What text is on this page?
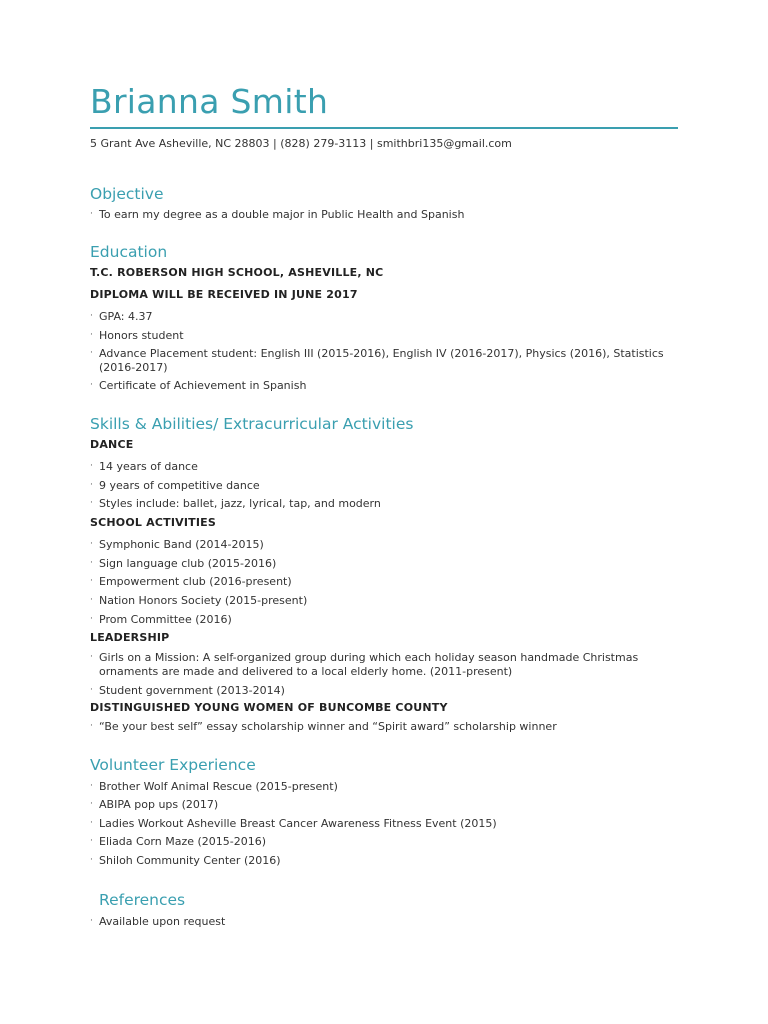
Brianna Smith
5 Grant Ave Asheville, NC 28803 | (828) 279-3113 | smithbri135@gmail.com
Objective
· To earn my degree as a double major in Public Health and Spanish
Education
T.C. ROBERSON HIGH SCHOOL, ASHEVILLE, NC
DIPLOMA WILL BE RECEIVED IN JUNE 2017
· GPA: 4.37
· Honors student
· Advance Placement student: English III (2015-2016), English IV (2016-2017), Physics (2016), Statistics (2016-2017)
· Certificate of Achievement in Spanish
Skills & Abilities/ Extracurricular Activities
DANCE
· 14 years of dance
· 9 years of competitive dance
· Styles include: ballet, jazz, lyrical, tap, and modern
SCHOOL ACTIVITIES
· Symphonic Band (2014-2015)
· Sign language club (2015-2016)
· Empowerment club (2016-present)
· Nation Honors Society (2015-present)
· Prom Committee (2016)
LEADERSHIP
· Girls on a Mission: A self-organized group during which each holiday season handmade Christmas ornaments are made and delivered to a local elderly home. (2011-present)
· Student government (2013-2014)
DISTINGUISHED YOUNG WOMEN OF BUNCOMBE COUNTY
· “Be your best self” essay scholarship winner and “Spirit award” scholarship winner
Volunteer Experience
· Brother Wolf Animal Rescue (2015-present)
· ABIPA pop ups (2017)
· Ladies Workout Asheville Breast Cancer Awareness Fitness Event (2015)
· Eliada Corn Maze (2015-2016)
· Shiloh Community Center (2016)
References
· Available upon request
